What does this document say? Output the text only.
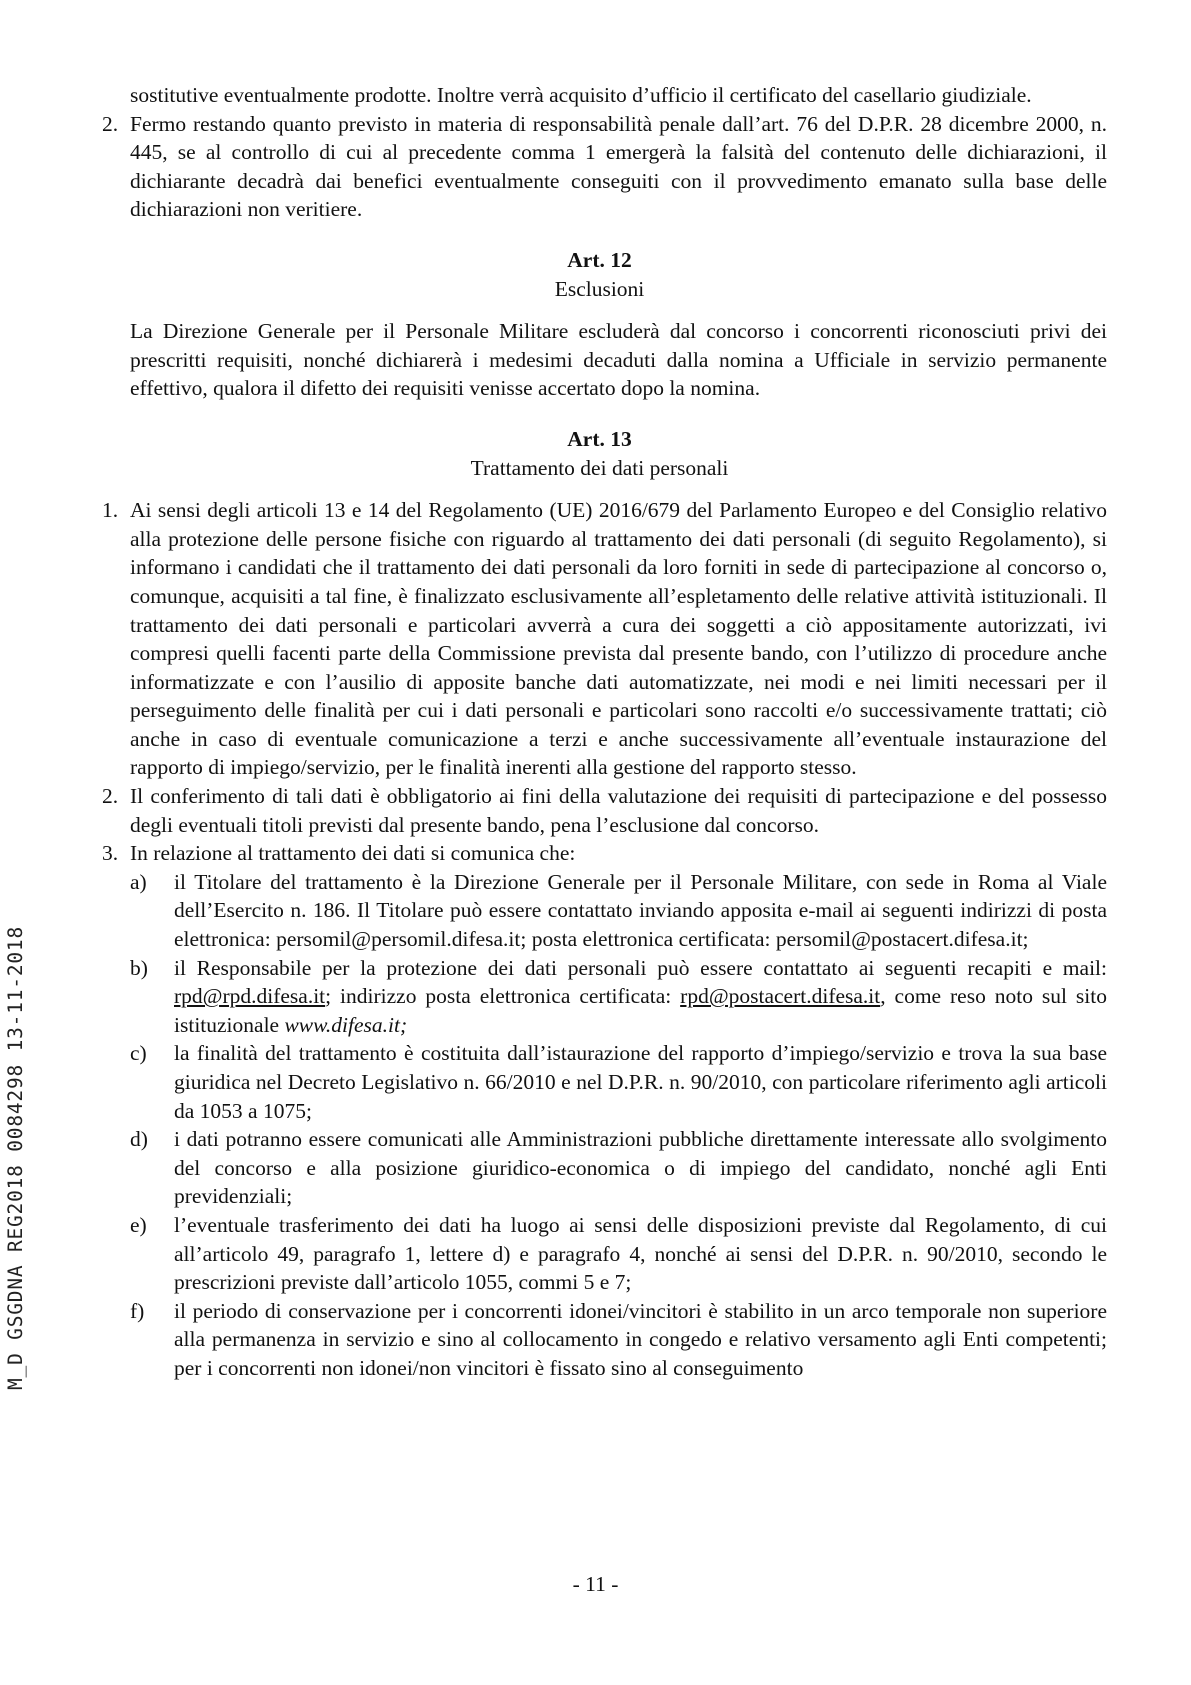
M_D GSGDNA REG2018 0084298 13-11-2018

sostitutive eventualmente prodotte. Inoltre verrà acquisito d’ufficio il certificato del casellario giudiziale.

2. Fermo restando quanto previsto in materia di responsabilità penale dall’art. 76 del D.P.R. 28 dicembre 2000, n. 445, se al controllo di cui al precedente comma 1 emergerà la falsità del contenuto delle dichiarazioni, il dichiarante decadrà dai benefici eventualmente conseguiti con il provvedimento emanato sulla base delle dichiarazioni non veritiere.
Art. 12
Esclusioni

La Direzione Generale per il Personale Militare escluderà dal concorso i concorrenti riconosciuti privi dei prescritti requisiti, nonché dichiarerà i medesimi decaduti dalla nomina a Ufficiale in servizio permanente effettivo, qualora il difetto dei requisiti venisse accertato dopo la nomina.

Art. 13
Trattamento dei dati personali
1. Ai sensi degli articoli 13 e 14 del Regolamento (UE) 2016/679 del Parlamento Europeo e del Consiglio relativo alla protezione delle persone fisiche con riguardo al trattamento dei dati personali (di seguito Regolamento), si informano i candidati che il trattamento dei dati personali da loro forniti in sede di partecipazione al concorso o, comunque, acquisiti a tal fine, è finalizzato esclusivamente all’espletamento delle relative attività istituzionali. Il trattamento dei dati personali e particolari avverrà a cura dei soggetti a ciò appositamente autorizzati, ivi compresi quelli facenti parte della Commissione prevista dal presente bando, con l’utilizzo di procedure anche informatizzate e con l’ausilio di apposite banche dati automatizzate, nei modi e nei limiti necessari per il perseguimento delle finalità per cui i dati personali e particolari sono raccolti e/o successivamente trattati; ciò anche in caso di eventuale comunicazione a terzi e anche successivamente all’eventuale instaurazione del rapporto di impiego/servizio, per le finalità inerenti alla gestione del rapporto stesso.
2. Il conferimento di tali dati è obbligatorio ai fini della valutazione dei requisiti di partecipazione e del possesso degli eventuali titoli previsti dal presente bando, pena l’esclusione dal concorso.
3. In relazione al trattamento dei dati si comunica che:
a) il Titolare del trattamento è la Direzione Generale per il Personale Militare, con sede in Roma al Viale dell’Esercito n. 186. Il Titolare può essere contattato inviando apposita e-mail ai seguenti indirizzi di posta elettronica: persomil@persomil.difesa.it; posta elettronica certificata: persomil@postacert.difesa.it;
b) il Responsabile per la protezione dei dati personali può essere contattato ai seguenti recapiti e mail: rpd@rpd.difesa.it; indirizzo posta elettronica certificata: rpd@postacert.difesa.it, come reso noto sul sito istituzionale www.difesa.it;
c) la finalità del trattamento è costituita dall’istaurazione del rapporto d’impiego/servizio e trova la sua base giuridica nel Decreto Legislativo n. 66/2010 e nel D.P.R. n. 90/2010, con particolare riferimento agli articoli da 1053 a 1075;
d) i dati potranno essere comunicati alle Amministrazioni pubbliche direttamente interessate allo svolgimento del concorso e alla posizione giuridico-economica o di impiego del candidato, nonché agli Enti previdenziali;
e) l’eventuale trasferimento dei dati ha luogo ai sensi delle disposizioni previste dal Regolamento, di cui all’articolo 49, paragrafo 1, lettere d) e paragrafo 4, nonché ai sensi del D.P.R. n. 90/2010, secondo le prescrizioni previste dall’articolo 1055, commi 5 e 7;
f) il periodo di conservazione per i concorrenti idonei/vincitori è stabilito in un arco temporale non superiore alla permanenza in servizio e sino al collocamento in congedo e relativo versamento agli Enti competenti; per i concorrenti non idonei/non vincitori è fissato sino al conseguimento
- 11 -
